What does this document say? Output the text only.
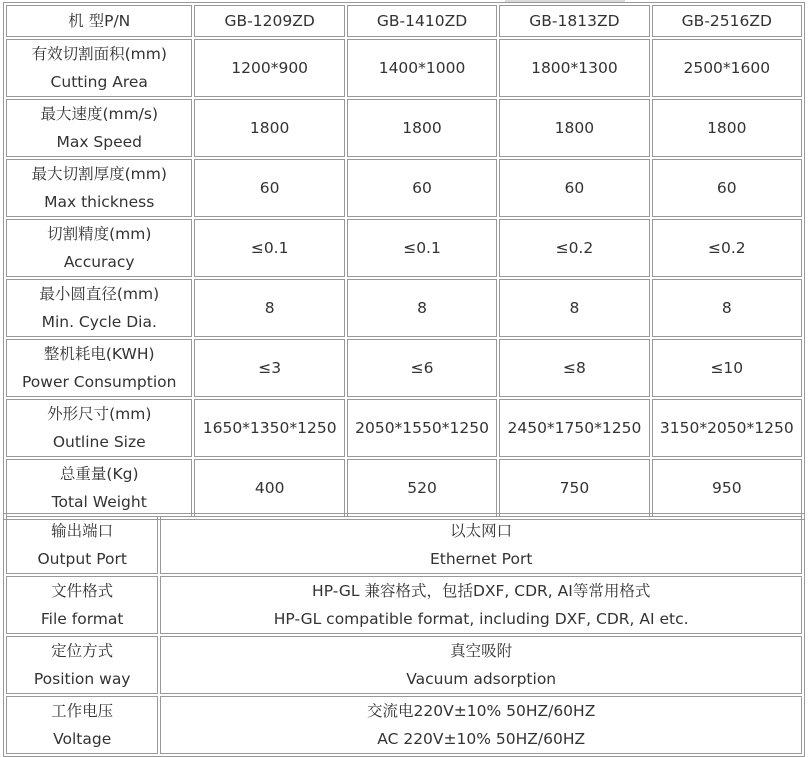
机 型P/N	GB-1209ZD	GB-1410ZD	GB-1813ZD	GB-2516ZD

有效切割面积(mm)
Cutting Area	1200*900	1400*1000	1800*1300	2500*1600

最大速度(mm/s)
Max Speed	1800	1800	1800	1800

最大切割厚度(mm)
Max thickness	60	60	60	60

切割精度(mm)
Accuracy	≤0.1	≤0.1	≤0.2	≤0.2

最小圆直径(mm)
Min. Cycle Dia.	8	8	8	8

整机耗电(KWH)
Power Consumption	≤3	≤6	≤8	≤10

外形尺寸(mm)
Outline Size	1650*1350*1250	2050*1550*1250	2450*1750*1250	3150*2050*1250

总重量(Kg)
Total Weight	400	520	750	950
输出端口
Output Port	以太网口
Ethernet Port

文件格式
File format	HP-GL 兼容格式，包括DXF, CDR, AI等常用格式
HP-GL compatible format, including DXF, CDR, AI etc.

定位方式
Position way	真空吸附
Vacuum adsorption

工作电压
Voltage	交流电220V±10% 50HZ/60HZ
AC 220V±10% 50HZ/60HZ
